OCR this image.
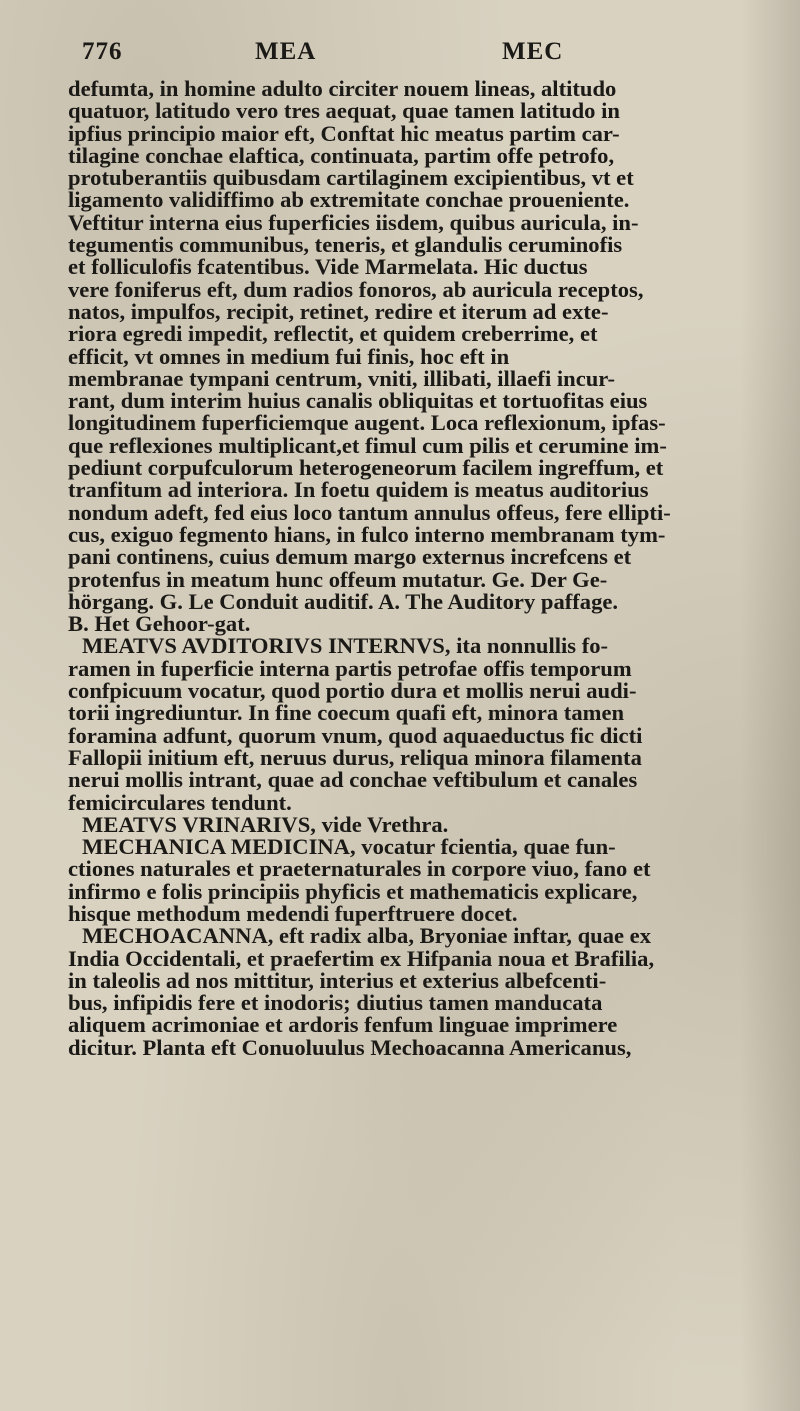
776	MEA	MEC
defumta, in homine adulto circiter nouem lineas, altitudo
quatuor, latitudo vero tres aequat, quae tamen latitudo in
ipfius principio maior eft, Conftat hic meatus partim car-
tilagine conchae elaftica, continuata, partim offe petrofo,
protuberantiis quibusdam cartilaginem excipientibus, vt et
ligamento validiffimo ab extremitate conchae proueniente.
Veftitur interna eius fuperficies iisdem, quibus auricula, in-
tegumentis communibus, teneris, et glandulis ceruminofis
et folliculofis fcatentibus. Vide Marmelata. Hic ductus
vere foniferus eft, dum radios fonoros, ab auricula receptos,
natos, impulfos, recipit, retinet, redire et iterum ad exte-
riora egredi impedit, reflectit, et quidem creberrime, et
efficit, vt omnes in medium fui finis, hoc eft in
membranae tympani centrum, vniti, illibati, illaefi incur-
rant, dum interim huius canalis obliquitas et tortuofitas eius
longitudinem fuperficiemque augent. Loca reflexionum, ipfas-
que reflexiones multiplicant,et fimul cum pilis et cerumine im-
pediunt corpufculorum heterogeneorum facilem ingreffum, et
tranfitum ad interiora. In foetu quidem is meatus auditorius
nondum adeft, fed eius loco tantum annulus offeus, fere ellipti-
cus, exiguo fegmento hians, in fulco interno membranam tym-
pani continens, cuius demum margo externus increfcens et
protenfus in meatum hunc offeum mutatur. Ge. Der Ge-
hörgang. G. Le Conduit auditif. A. The Auditory paffage.
B. Het Gehoor-gat.
MEATVS AVDITORIVS INTERNVS, ita nonnullis fo-
ramen in fuperficie interna partis petrofae offis temporum
confpicuum vocatur, quod portio dura et mollis nerui audi-
torii ingrediuntur. In fine coecum quafi eft, minora tamen
foramina adfunt, quorum vnum, quod aquaeductus fic dicti
Fallopii initium eft, neruus durus, reliqua minora filamenta
nerui mollis intrant, quae ad conchae veftibulum et canales
femicirculares tendunt.
MEATVS VRINARIVS, vide Vrethra.
MECHANICA MEDICINA, vocatur fcientia, quae fun-
ctiones naturales et praeternaturales in corpore viuo, fano et
infirmo e folis principiis phyficis et mathematicis explicare,
hisque methodum medendi fuperftruere docet.
MECHOACANNA, eft radix alba, Bryoniae inftar, quae ex
India Occidentali, et praefertim ex Hifpania noua et Brafilia,
in taleolis ad nos mittitur, interius et exterius albefcenti-
bus, infipidis fere et inodoris; diutius tamen manducata
aliquem acrimoniae et ardoris fenfum linguae imprimere
dicitur. Planta eft Conuoluulus Mechoacanna Americanus,
